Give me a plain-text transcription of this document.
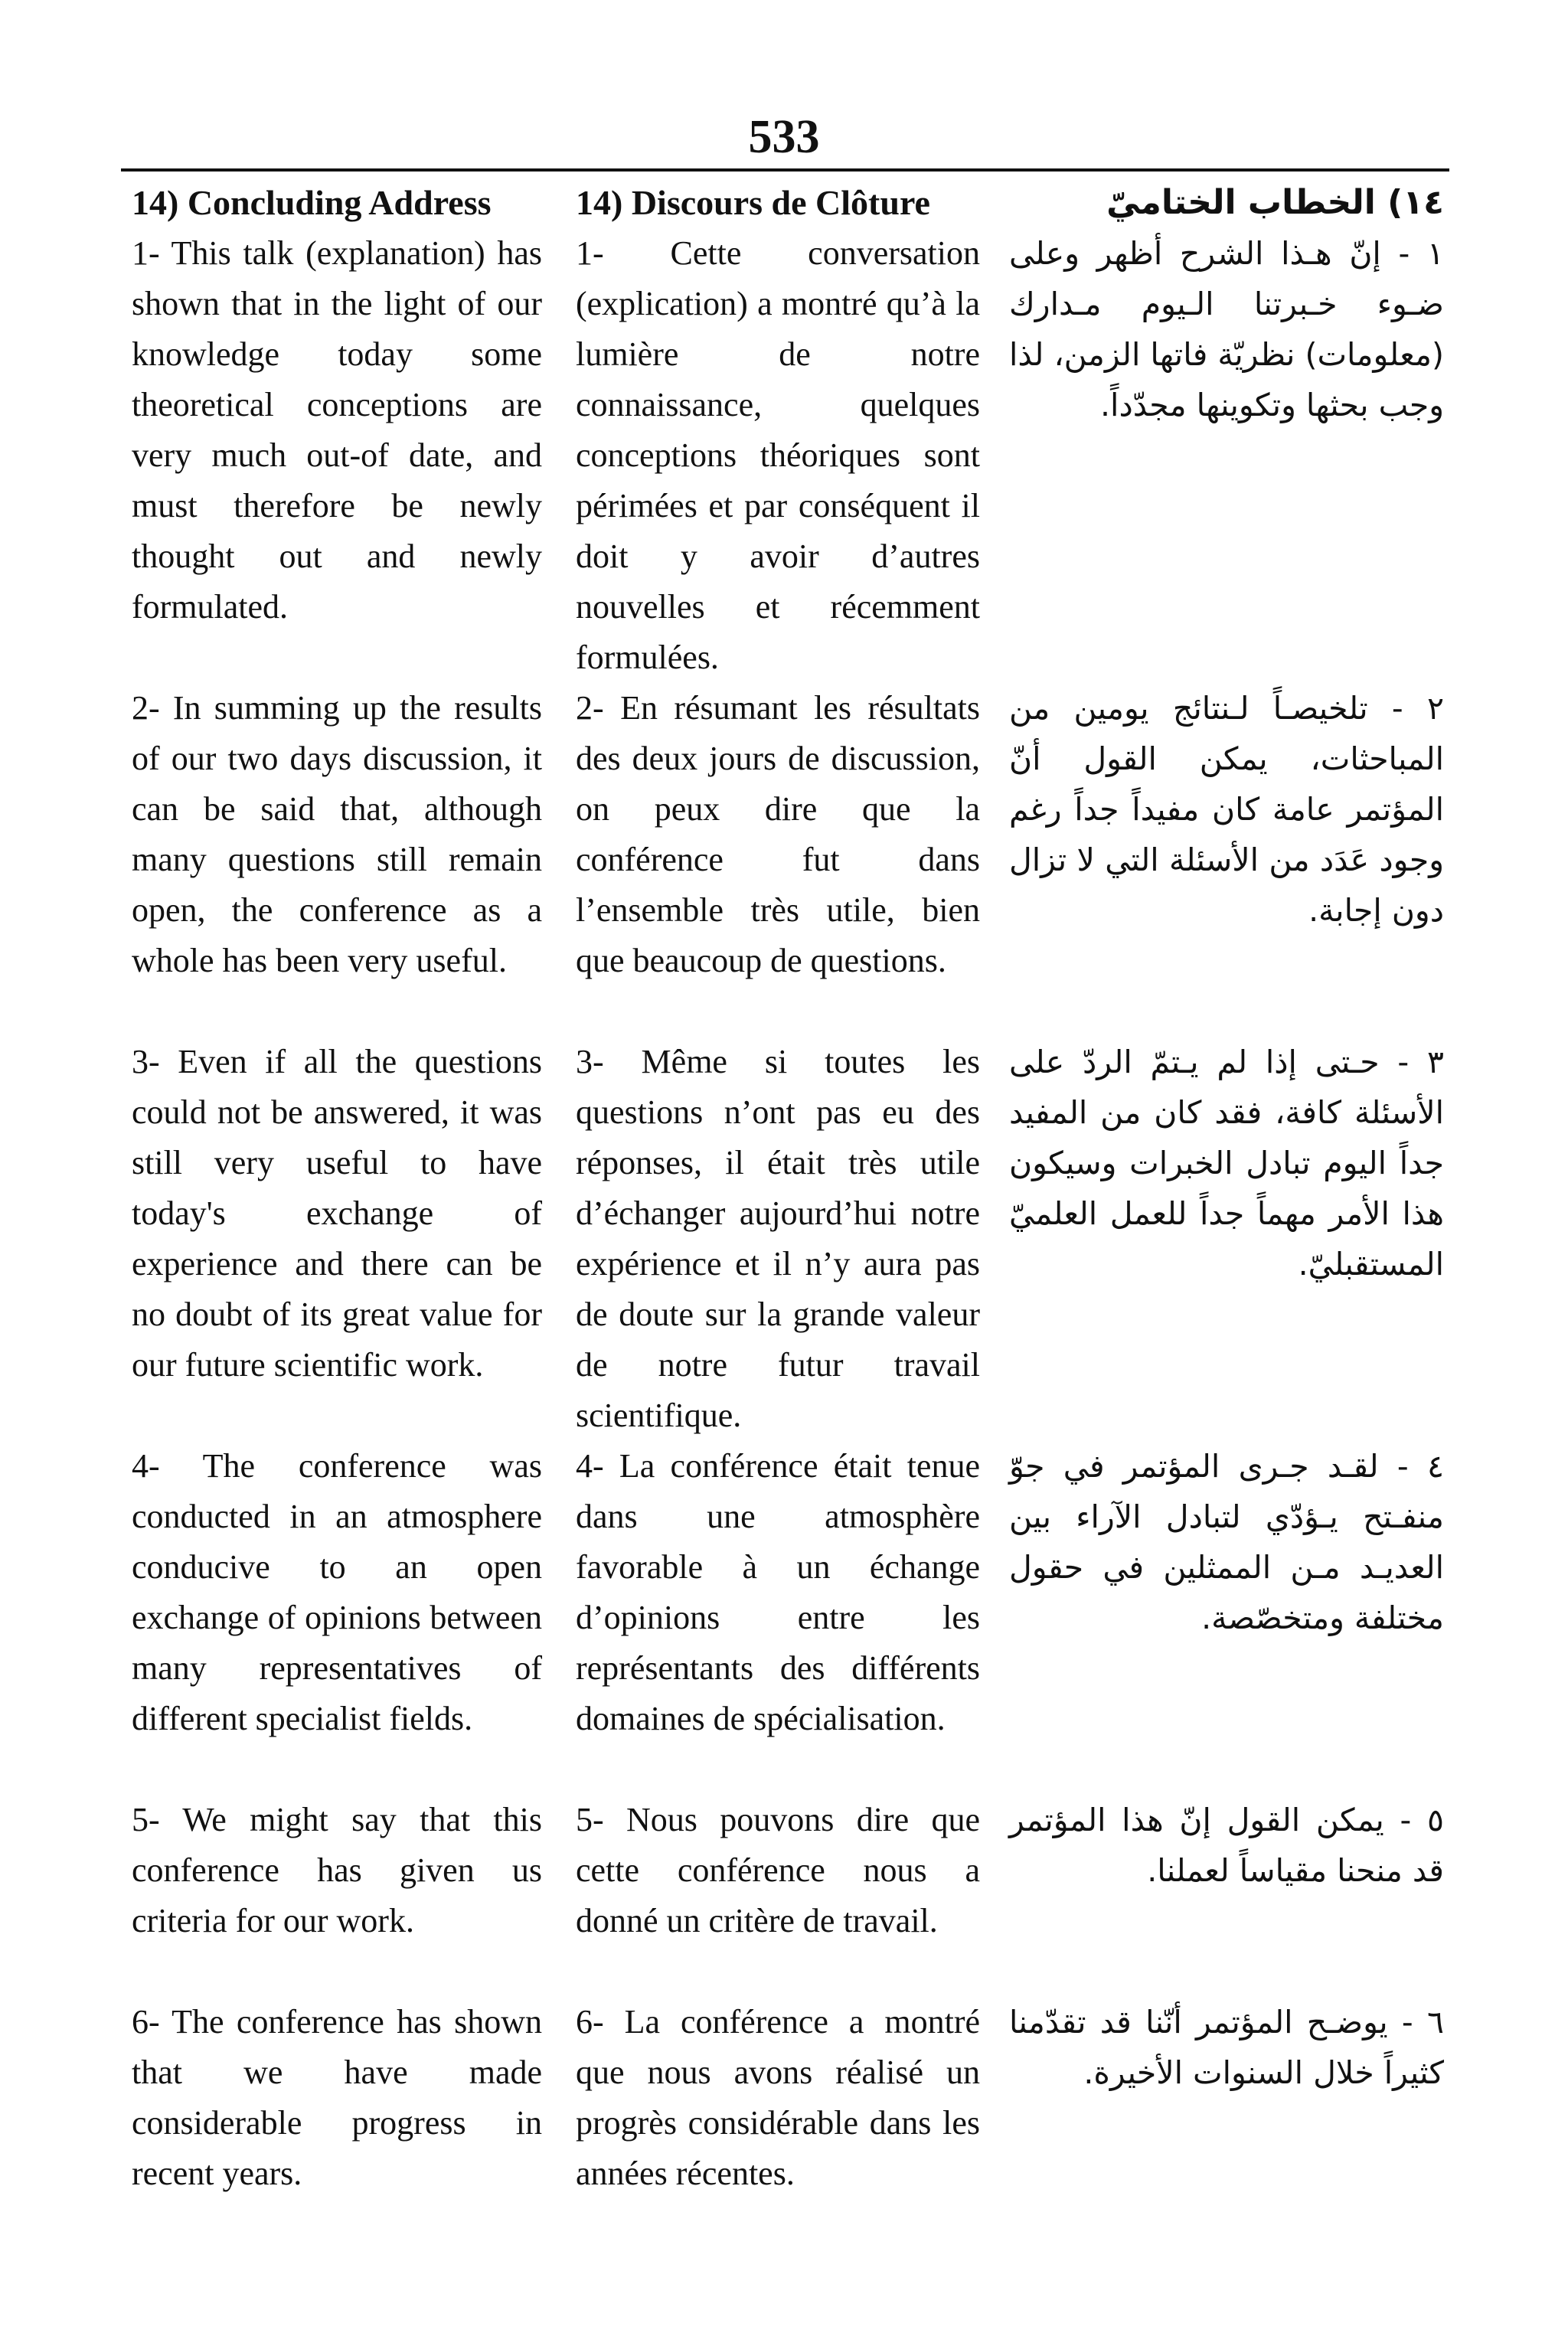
533
14) Concluding Address

1- This talk (explanation) has shown that in the light of our knowledge today some theoretical conceptions are very much out-of date, and must therefore be newly thought out and newly formulated.

2- In summing up the results of our two days discussion, it can be said that, although many questions still remain open, the conference as a whole has been very useful.

3- Even if all the questions could not be answered, it was still very useful to have today's exchange of experience and there can be no doubt of its great value for our future scientific work.

4- The conference was conducted in an atmosphere conducive to an open exchange of opinions between many representatives of different specialist fields.

5- We might say that this conference has given us criteria for our work.

6- The conference has shown that we have made considerable progress in recent years.

14) Discours de Clôture

1- Cette conversation (explication) a montré qu’à la lumière de notre connaissance, quelques conceptions théoriques sont périmées et par conséquent il doit y avoir d’autres nouvelles et récemment formulées.

2- En résumant les résultats des deux jours de discussion, on peux dire que la conférence fut dans l’ensemble très utile, bien que beaucoup de questions.

3- Même si toutes les questions n’ont pas eu des réponses, il était très utile d’échanger aujourd’hui notre expérience et il n’y aura pas de doute sur la grande valeur de notre futur travail scientifique.

4- La conférence était tenue dans une atmosphère favorable à un échange d’opinions entre les représentants des différents domaines de spécialisation.

5- Nous pouvons dire que cette conférence nous a donné un critère de travail.

6- La conférence a montré que nous avons réalisé un progrès considérable dans les années récentes.

١٤) الخطاب الختاميّ

١ - إنّ هـذا الشرح أظهر وعلى ضـوء خـبرتنا الـيوم مـدارك (معلومات) نظريّة فاتها الزمن، لذا وجب بحثها وتكوينها مجدّداً.

٢ - تلخيصـاً لـنتائج يومين من المباحثات، يمكن القول أنّ المؤتمر عامة كان مفيداً جداً رغم وجود عَدَد من الأسئلة التي لا تزال دون إجابة.

٣ - حـتى إذا لم يـتمّ الردّ على الأسئلة كافة، فقد كان من المفيد جداً اليوم تبادل الخبرات وسيكون هذا الأمر مهماً جداً للعمل العلميّ المستقبليّ.

٤ - لقـد جـرى المؤتمر في جوّ منفـتح يـؤدّي لتبادل الآراء بين العديـد مـن الممثلين في حقول مختلفة ومتخصّصة.

٥ - يمكن القول إنّ هذا المؤتمر قد منحنا مقياساً لعملنا.

٦ - يوضـح المؤتمر أنّنا قد تقدّمنا كثيراً خلال السنوات الأخيرة.
